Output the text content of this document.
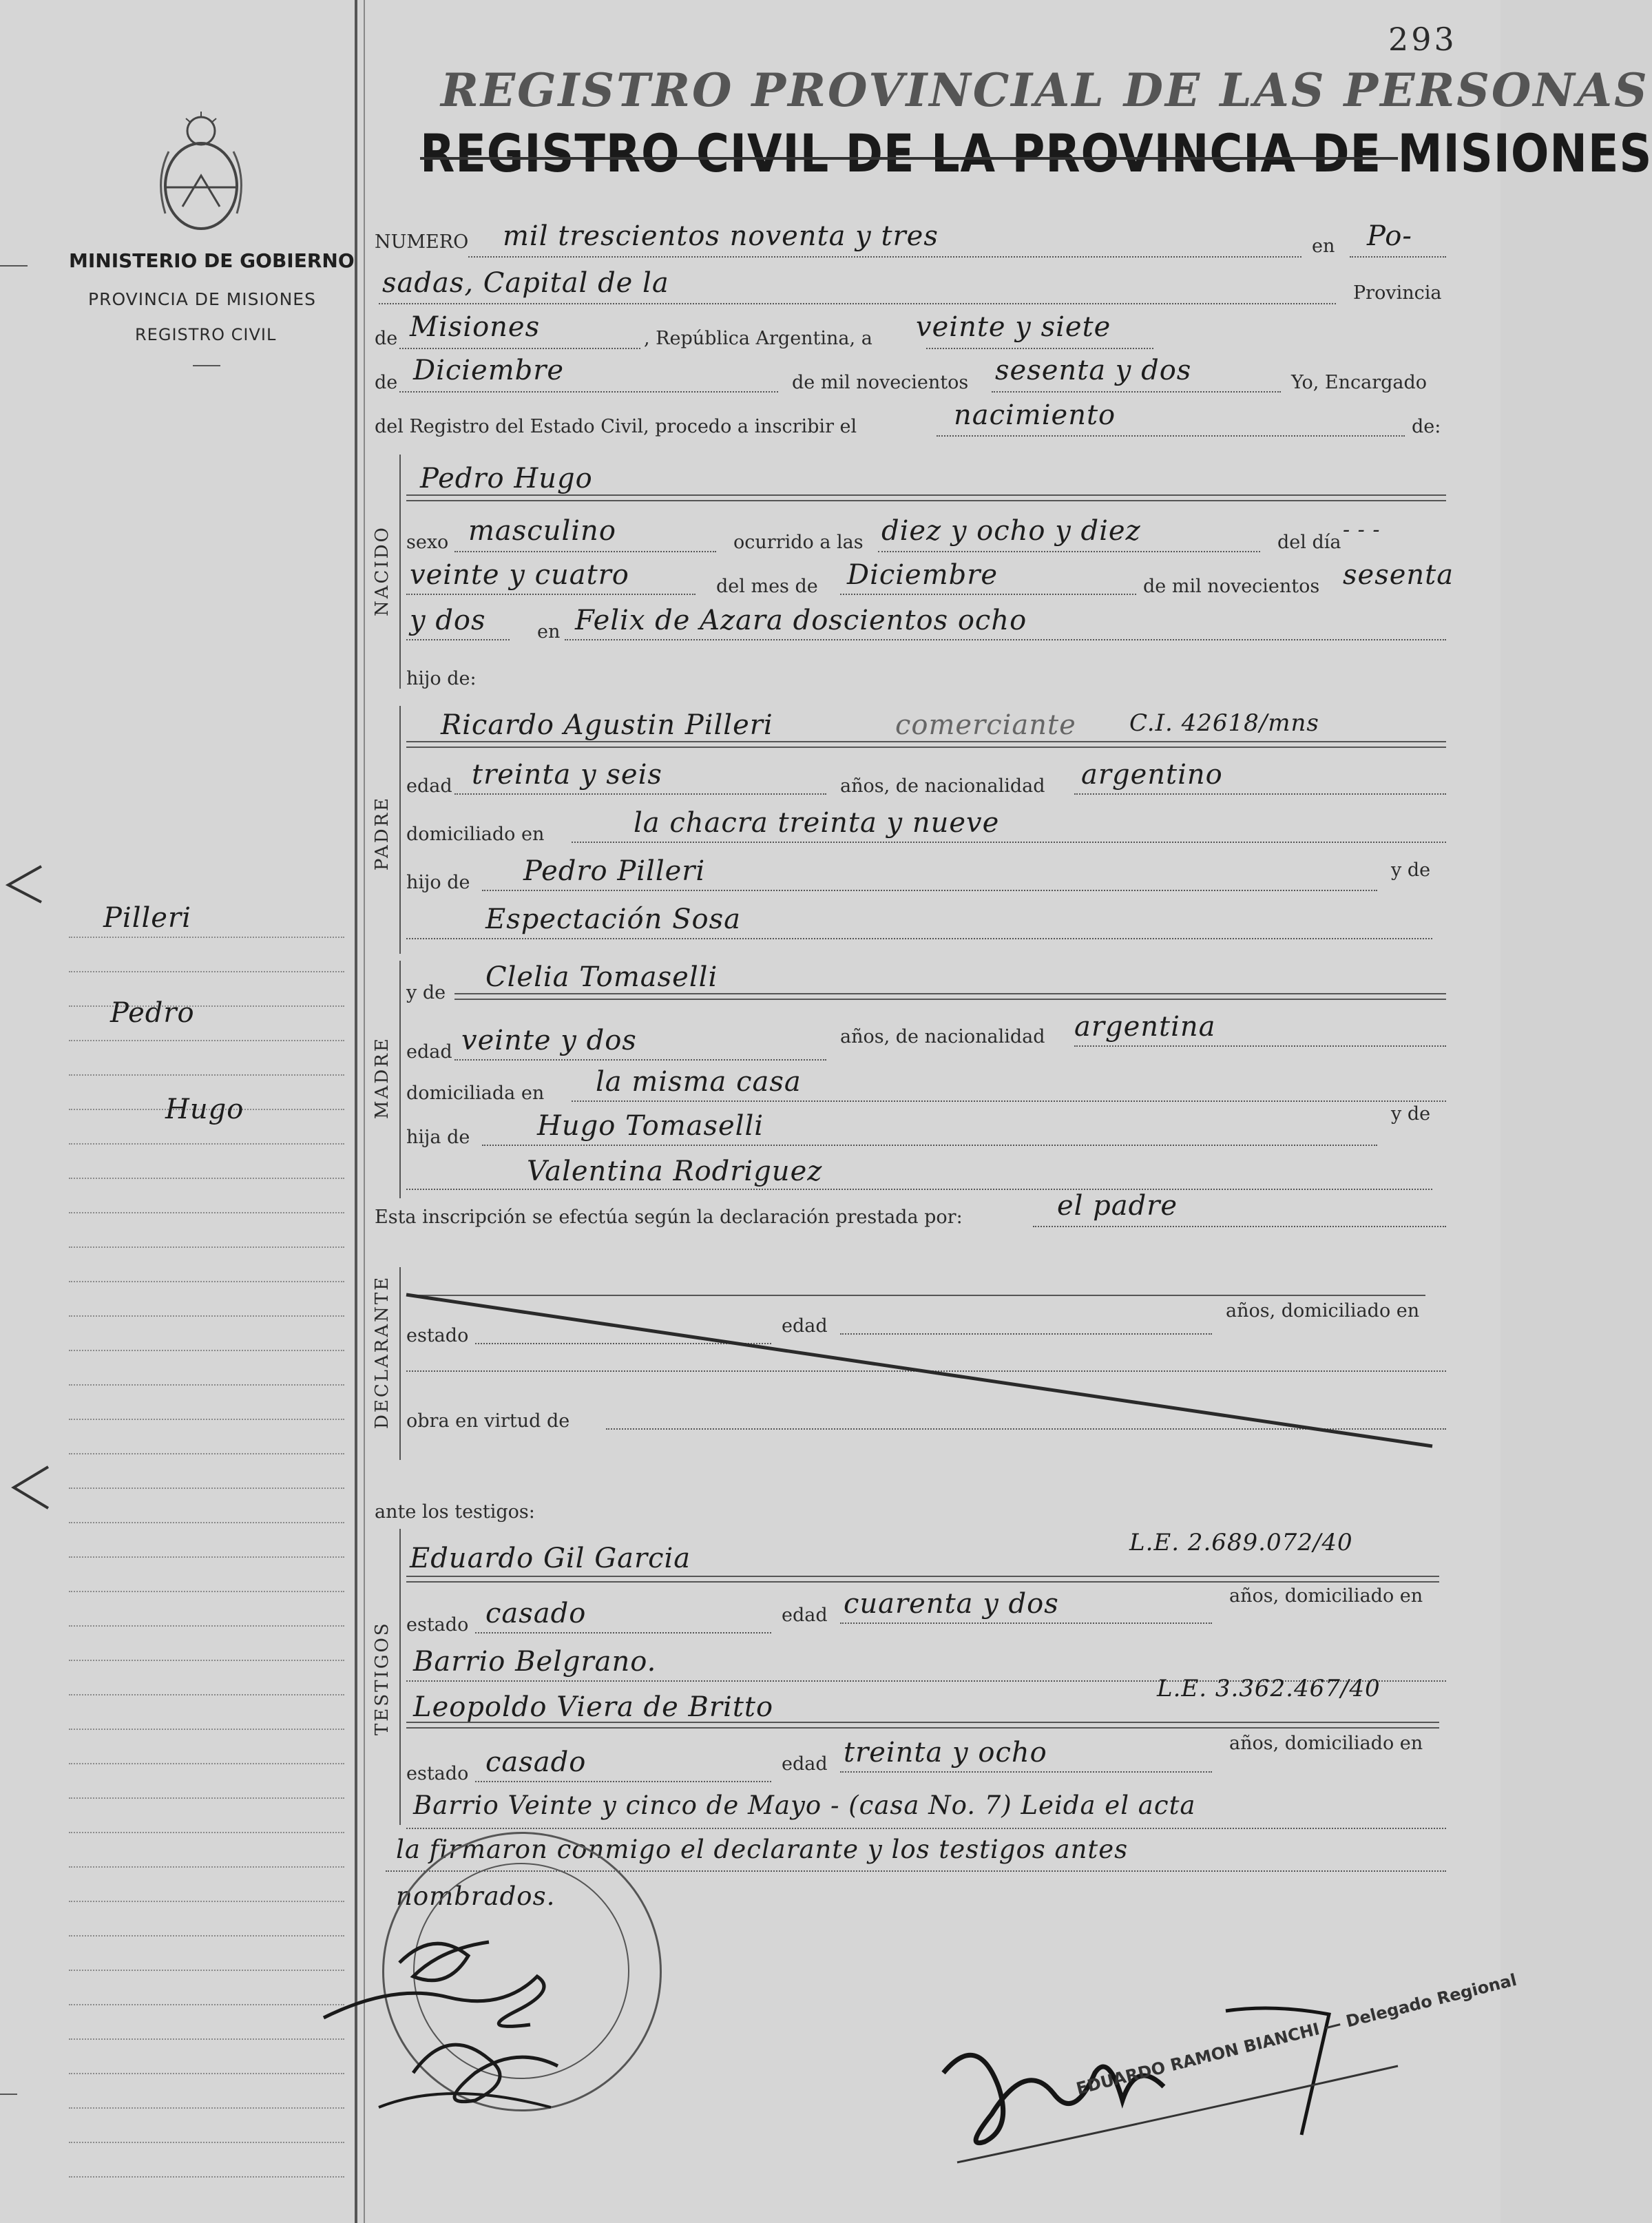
293
REGISTRO PROVINCIAL DE LAS PERSONAS
REGISTRO CIVIL DE LA PROVINCIA DE MISIONES
MINISTERIO DE GOBIERNO
PROVINCIA DE MISIONES
REGISTRO CIVIL
Pilleri
Pedro
Hugo
NUMERO mil trescientos noventa y tres	en Po-
sadas, Capital de la	Provincia
de Misiones	, República Argentina, a veinte y siete
de Diciembre	de mil novecientos sesenta y dos	Yo, Encargado
del Registro del Estado Civil, procedo a inscribir el	nacimiento	de:
NACIDO
Pedro Hugo
sexo masculino	ocurrido a las diez y ocho y diez	del día
- - -
veinte y cuatro	del mes de Diciembre	de mil novecientos sesenta
y dos	en Felix de Azara doscientos ocho
hijo de:
PADRE
Ricardo Agustin Pilleri	comerciante C.I. 42618/mns
edad treinta y seis	años, de nacionalidad argentino
domiciliado en	la chacra treinta y nueve
hijo de Pedro Pilleri	y de
Espectación Sosa
MADRE
y de Clelia Tomaselli
edad veinte y dos	años, de nacionalidad argentina
domiciliada en la misma casa
hija de Hugo Tomaselli	y de
Valentina Rodriguez
Esta inscripción se efectúa según la declaración prestada por:	el padre
DECLARANTE estado	edad
años, domiciliado en
obra en virtud de
ante los testigos:
TESTIGOS
Eduardo Gil Garcia	L.E. 2.689.072/40
estado casado	edad cuarenta y dos	años, domiciliado en
Barrio Belgrano.
Leopoldo Viera de Britto
L.E. 3.362.467/40
estado casado	edad treinta y ocho	años, domiciliado en
Barrio Veinte y cinco de Mayo - (casa No. 7) Leida el acta
la firmaron conmigo el declarante y los testigos antes
nombrados.
EDUARDO RAMON BIANCHI — Delegado Regional
